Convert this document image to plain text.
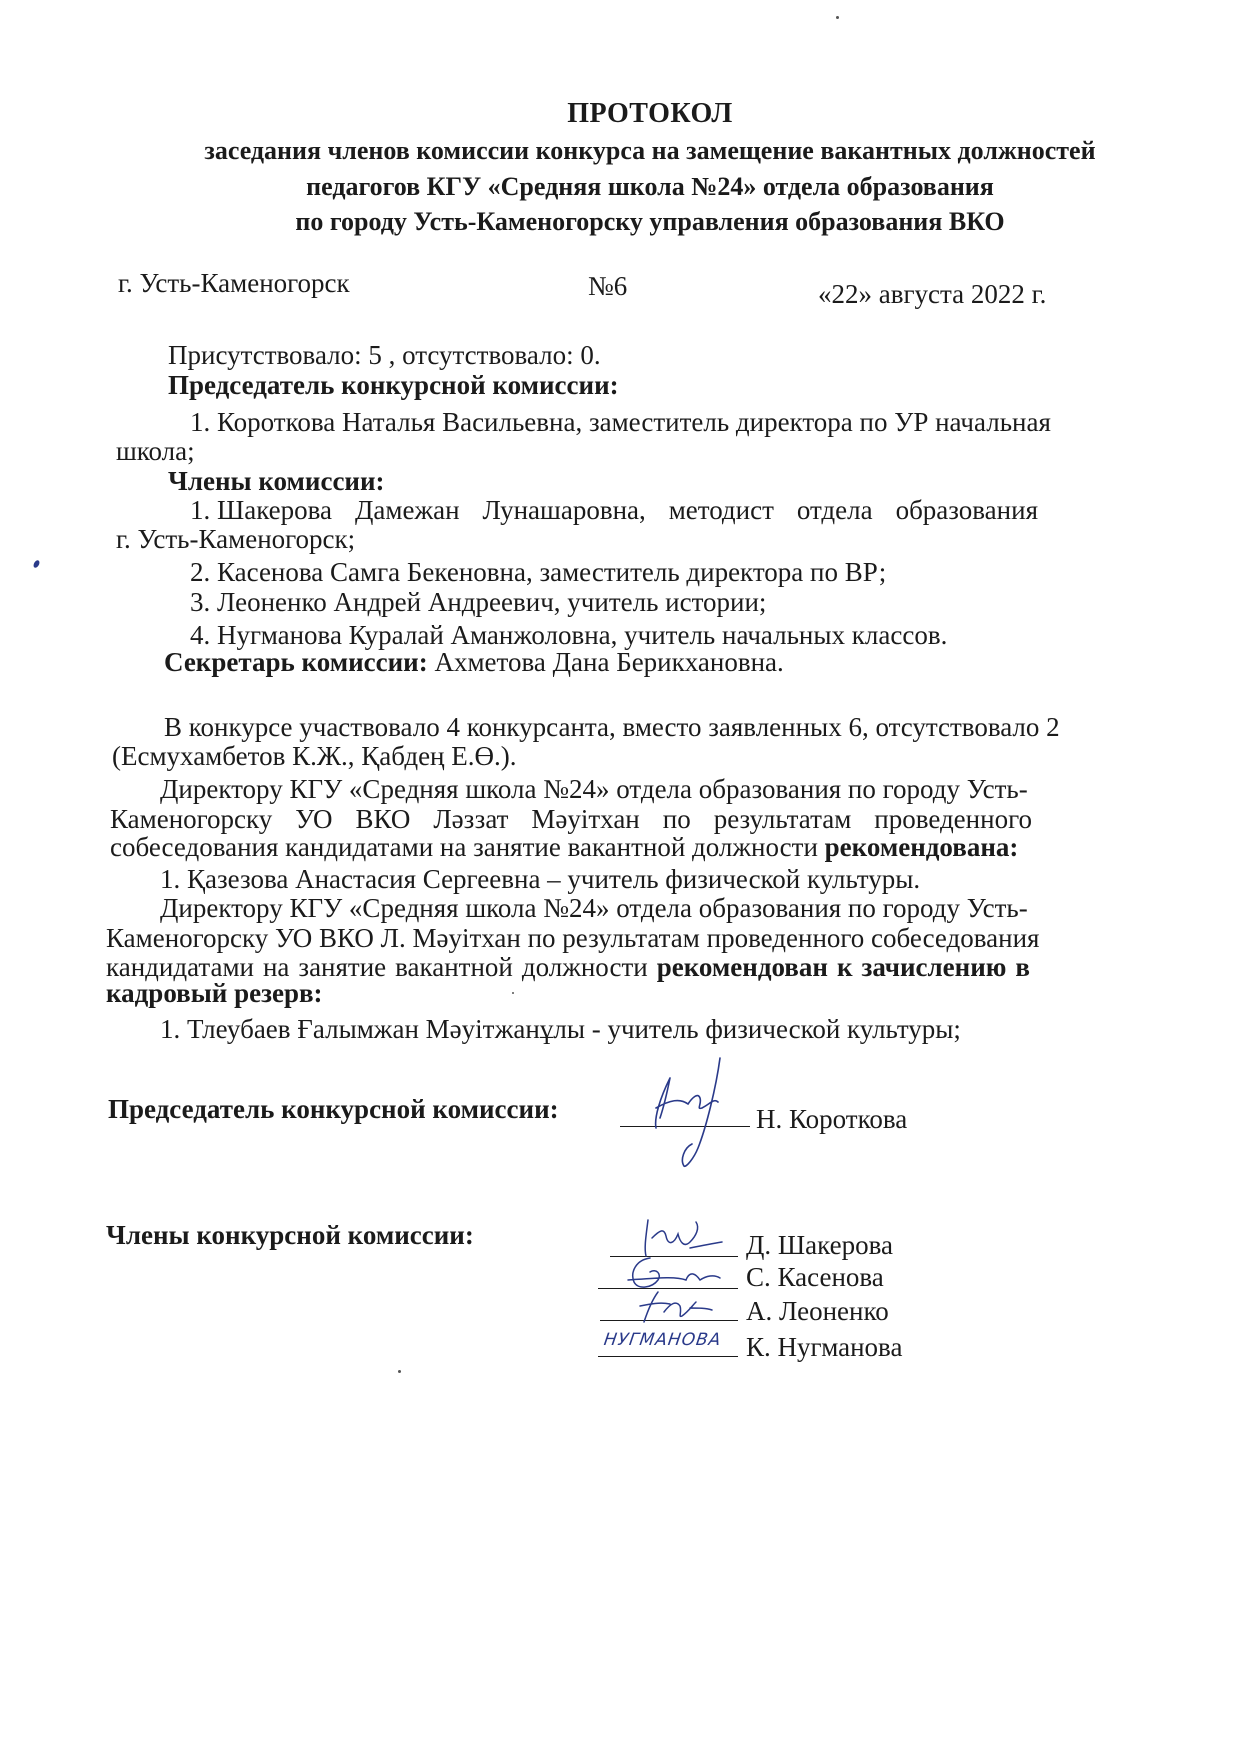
ПРОТОКОЛ
заседания членов комиссии конкурса на замещение вакантных должностей
педагогов КГУ «Средняя школа №24» отдела образования
по городу Усть-Каменогорску управления образования ВКО
г. Усть-Каменогорск	№6	«22» августа 2022 г.
Присутствовало: 5 , отсутствовало: 0.
Председатель конкурсной комиссии:
1. Короткова Наталья Васильевна, заместитель директора по УР начальная
школа;
Члены комиссии:
1. Шакерова Дамежан Лунашаровна, методист отдела образования
г. Усть-Каменогорск;
2. Касенова Самга Бекеновна, заместитель директора по ВР;
3. Леоненко Андрей Андреевич, учитель истории;
4. Нугманова Куралай Аманжоловна, учитель начальных классов.
Секретарь комиссии: Ахметова Дана Берикхановна.
В конкурсе участвовало 4 конкурсанта, вместо заявленных 6, отсутствовало 2
(Есмухамбетов К.Ж., Қабдең Е.Ө.).
Директору КГУ «Средняя школа №24» отдела образования по городу Усть-
Каменогорску УО ВКО Ләззат Мәуітхан по результатам проведенного
собеседования кандидатами на занятие вакантной должности рекомендована:
1. Қазезова Анастасия Сергеевна – учитель физической культуры.
Директору КГУ «Средняя школа №24» отдела образования по городу Усть-
Каменогорску УО ВКО Л. Мәуітхан по результатам проведенного собеседования
кандидатами на занятие вакантной должности рекомендован к зачислению в
кадровый резерв:
1. Тлеубаев Ғалымжан Мәуітжанұлы - учитель физической культуры;
Председатель конкурсной комиссии:	Н. Короткова
Члены конкурсной комиссии:	Д. Шакерова
С. Касенова
А. Леоненко
НУГМАНОВА К. Нугманова
